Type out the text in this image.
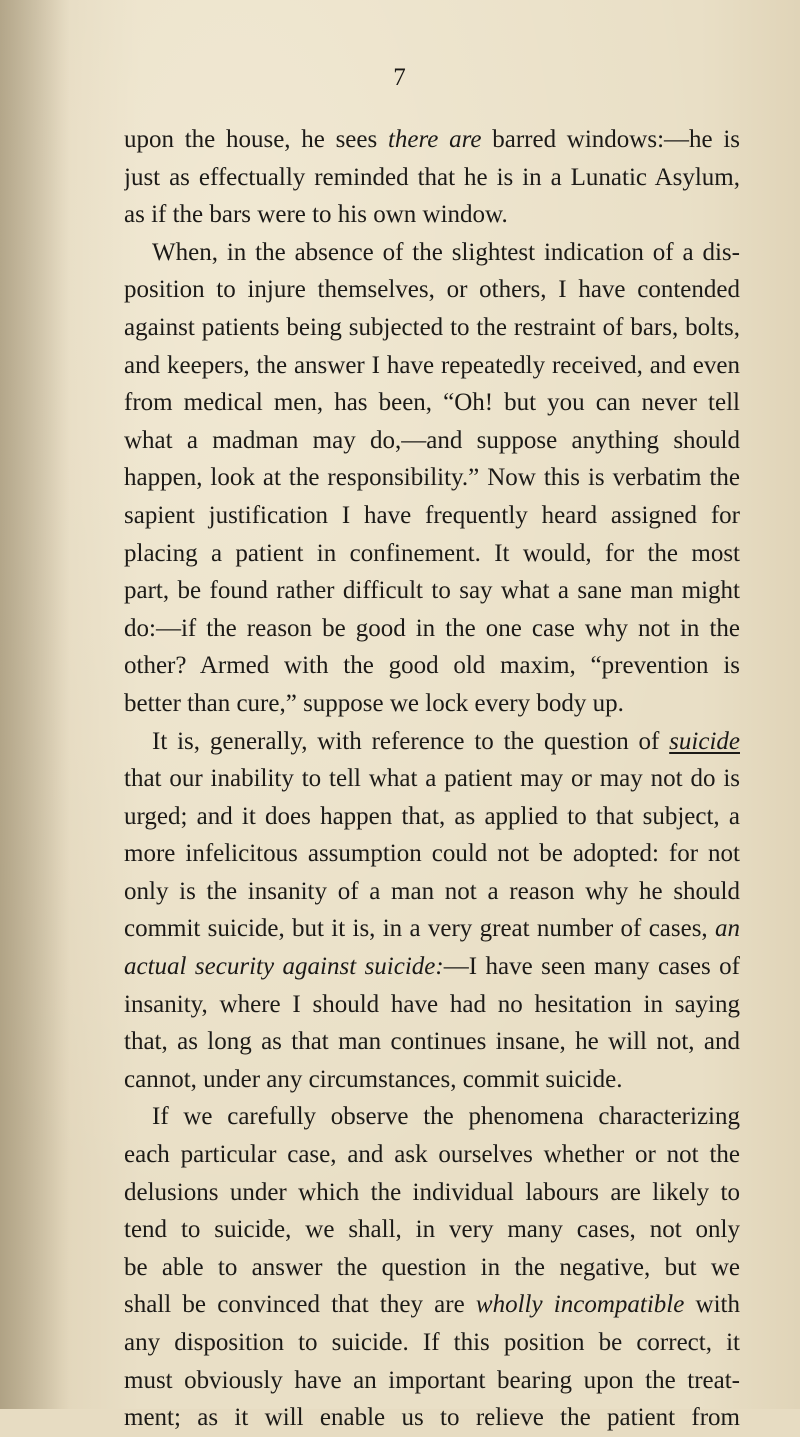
7
upon the house, he sees there are barred windows:—he is
just as effectually reminded that he is in a Lunatic Asylum,
as if the bars were to his own window.
When, in the absence of the slightest indication of a dis-
position to injure themselves, or others, I have contended
against patients being subjected to the restraint of bars, bolts,
and keepers, the answer I have repeatedly received, and even
from medical men, has been, “Oh! but you can never tell
what a madman may do,—and suppose anything should
happen, look at the responsibility.” Now this is verbatim the
sapient justification I have frequently heard assigned for
placing a patient in confinement. It would, for the most
part, be found rather difficult to say what a sane man might
do:—if the reason be good in the one case why not in the
other? Armed with the good old maxim, “prevention is
better than cure,” suppose we lock every body up.
It is, generally, with reference to the question of suicide
that our inability to tell what a patient may or may not do is
urged; and it does happen that, as applied to that subject, a
more infelicitous assumption could not be adopted: for not
only is the insanity of a man not a reason why he should
commit suicide, but it is, in a very great number of cases, an
actual security against suicide:—I have seen many cases of
insanity, where I should have had no hesitation in saying
that, as long as that man continues insane, he will not, and
cannot, under any circumstances, commit suicide.
If we carefully observe the phenomena characterizing
each particular case, and ask ourselves whether or not the
delusions under which the individual labours are likely to
tend to suicide, we shall, in very many cases, not only
be able to answer the question in the negative, but we
shall be convinced that they are wholly incompatible with
any disposition to suicide. If this position be correct, it
must obviously have an important bearing upon the treat-
ment; as it will enable us to relieve the patient from
